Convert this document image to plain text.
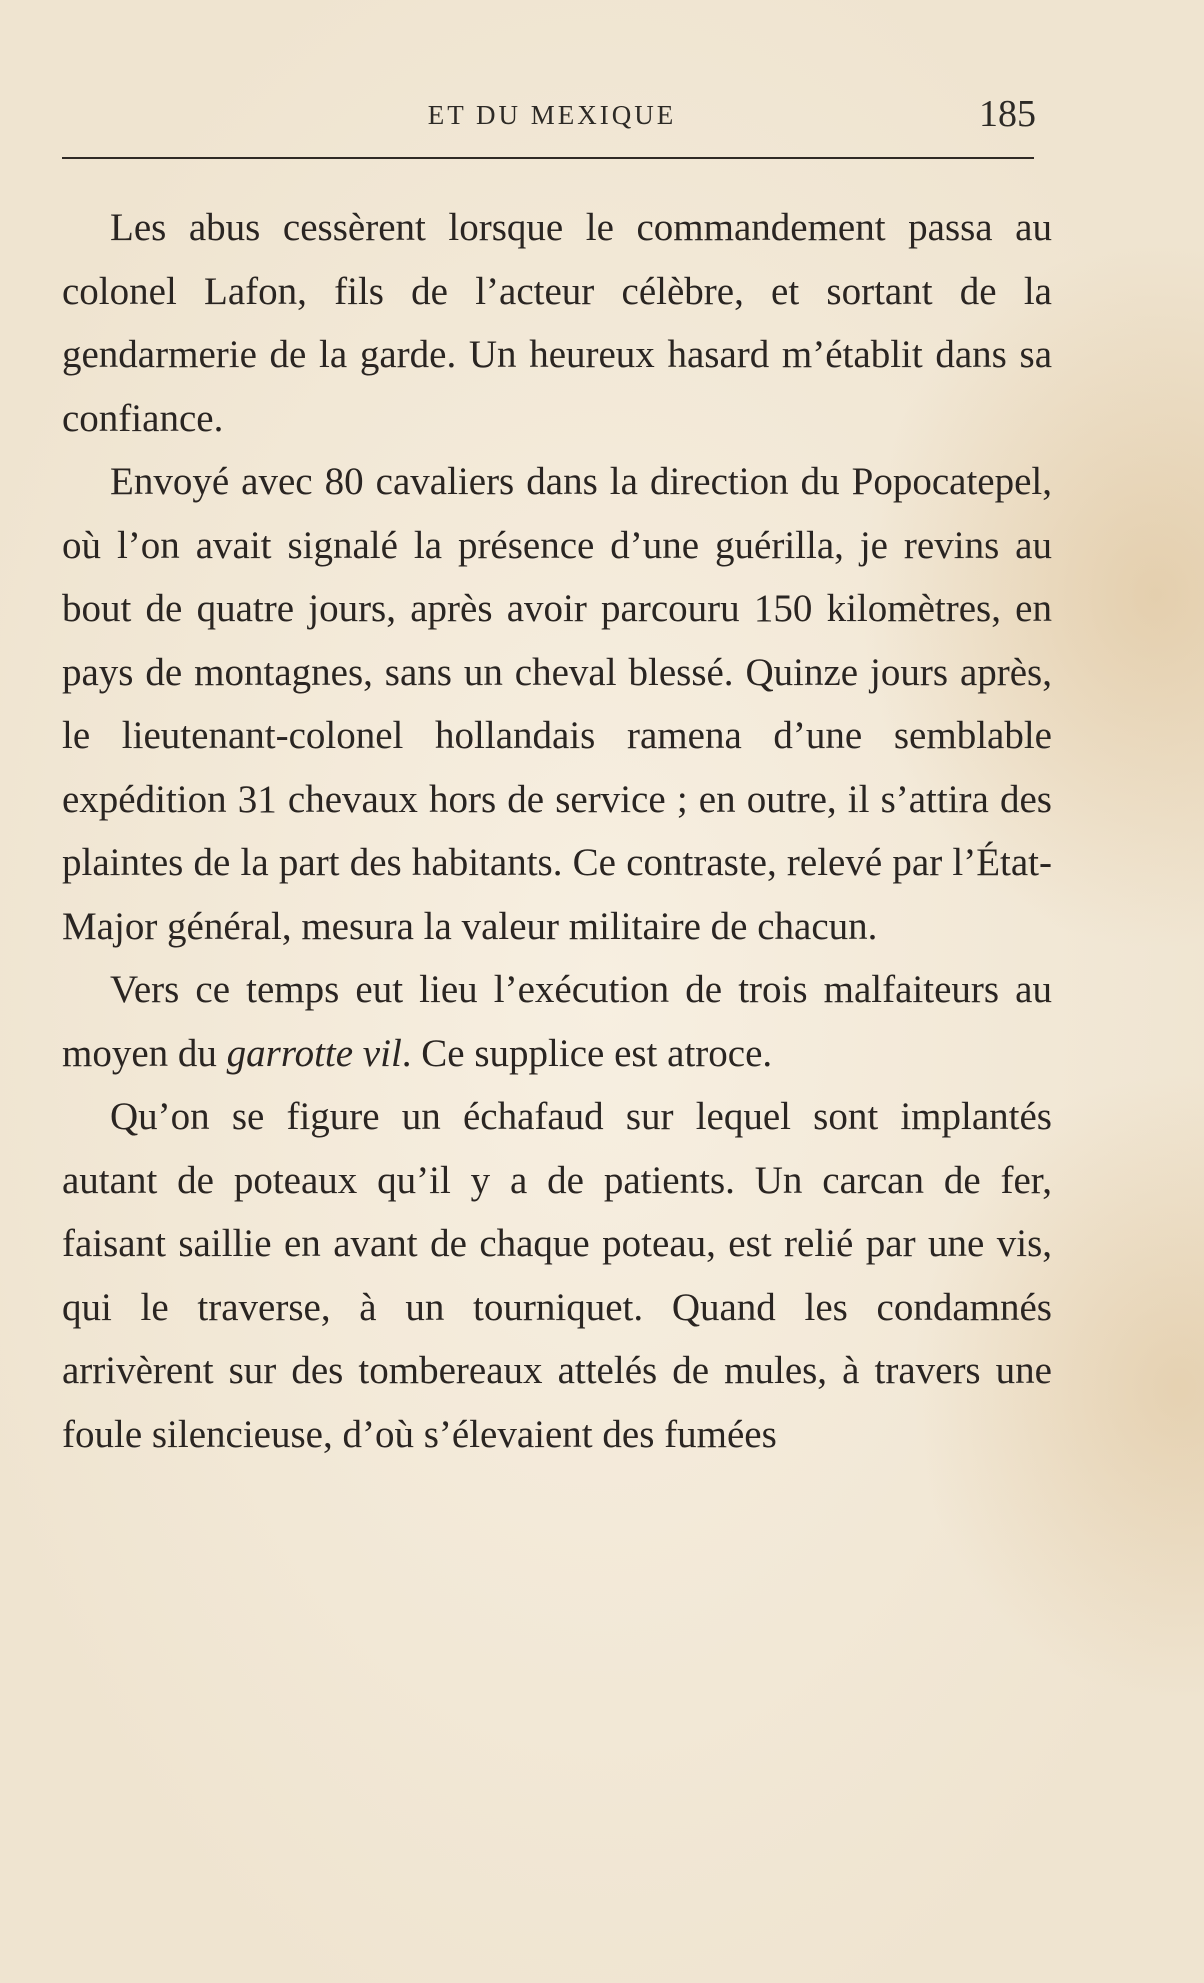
ET DU MEXIQUE	185

Les abus cessèrent lorsque le commandement passa au colonel Lafon, fils de l’acteur célèbre, et sortant de la gendarmerie de la garde. Un heureux hasard m’établit dans sa confiance.

Envoyé avec 80 cavaliers dans la direction du Popocatepel, où l’on avait signalé la présence d’une guérilla, je revins au bout de quatre jours, après avoir parcouru 150 kilomètres, en pays de montagnes, sans un cheval blessé. Quinze jours après, le lieutenant-colonel hollandais ramena d’une semblable expédition 31 chevaux hors de service ; en outre, il s’attira des plaintes de la part des habitants. Ce contraste, relevé par l’État-Major général, mesura la valeur militaire de chacun.

Vers ce temps eut lieu l’exécution de trois malfaiteurs au moyen du garrotte vil. Ce supplice est atroce.

Qu’on se figure un échafaud sur lequel sont implantés autant de poteaux qu’il y a de patients. Un carcan de fer, faisant saillie en avant de chaque poteau, est relié par une vis, qui le traverse, à un tourniquet. Quand les condamnés arrivèrent sur des tombereaux attelés de mules, à travers une foule silencieuse, d’où s’élevaient des fumées
